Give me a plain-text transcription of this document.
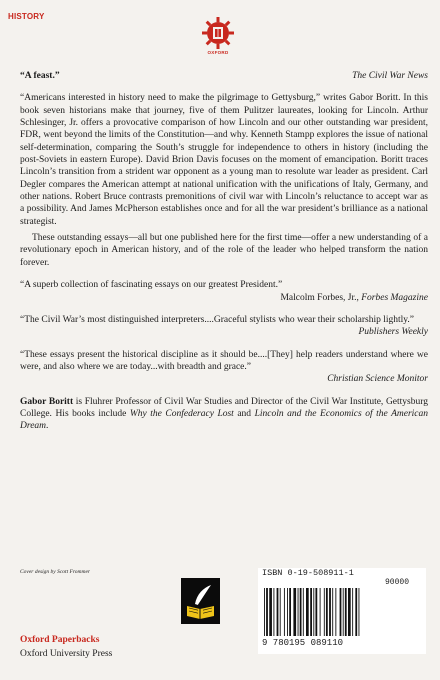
HISTORY
OXFORD
“A feast.”	The Civil War News

“Americans interested in history need to make the pilgrimage to Gettysburg,” writes Gabor Boritt. In this book seven historians make that journey, five of them Pulitzer laureates, looking for Lincoln. Arthur Schlesinger, Jr. offers a provocative comparison of how Lincoln and our other outstanding war president, FDR, went beyond the limits of the Constitution—and why. Kenneth Stampp explores the issue of national self-determination, comparing the South’s struggle for independence to others in history (including the post-Soviets in eastern Europe). David Brion Davis focuses on the moment of emancipation. Boritt traces Lincoln’s transition from a strident war opponent as a young man to resolute war leader as president. Carl Degler compares the American attempt at national unification with the unifications of Italy, Germany, and other nations. Robert Bruce contrasts premonitions of civil war with Lincoln’s reluctance to accept war as a possibility. And James McPherson establishes once and for all the war president’s brilliance as a national strategist.

These outstanding essays—all but one published here for the first time—offer a new understanding of a revolutionary epoch in American history, and of the role of the leader who helped transform the nation forever.

“A superb collection of fascinating essays on our greatest President.”
Malcolm Forbes, Jr., Forbes Magazine
“The Civil War’s most distinguished interpreters....Graceful stylists who wear their scholarship lightly.”
Publishers Weekly
“These essays present the historical discipline as it should be....[They] help readers understand where we were, and also where we are today...with breadth and grace.”
Christian Science Monitor

Gabor Boritt is Fluhrer Professor of Civil War Studies and Director of the Civil War Institute, Gettysburg College. His books include Why the Confederacy Lost and Lincoln and the Economics of the American Dream.

Cover design by Scott Frommer	ISBN 0-19-508911-1
90000
9 780195 089110
Oxford Paperbacks
Oxford University Press
